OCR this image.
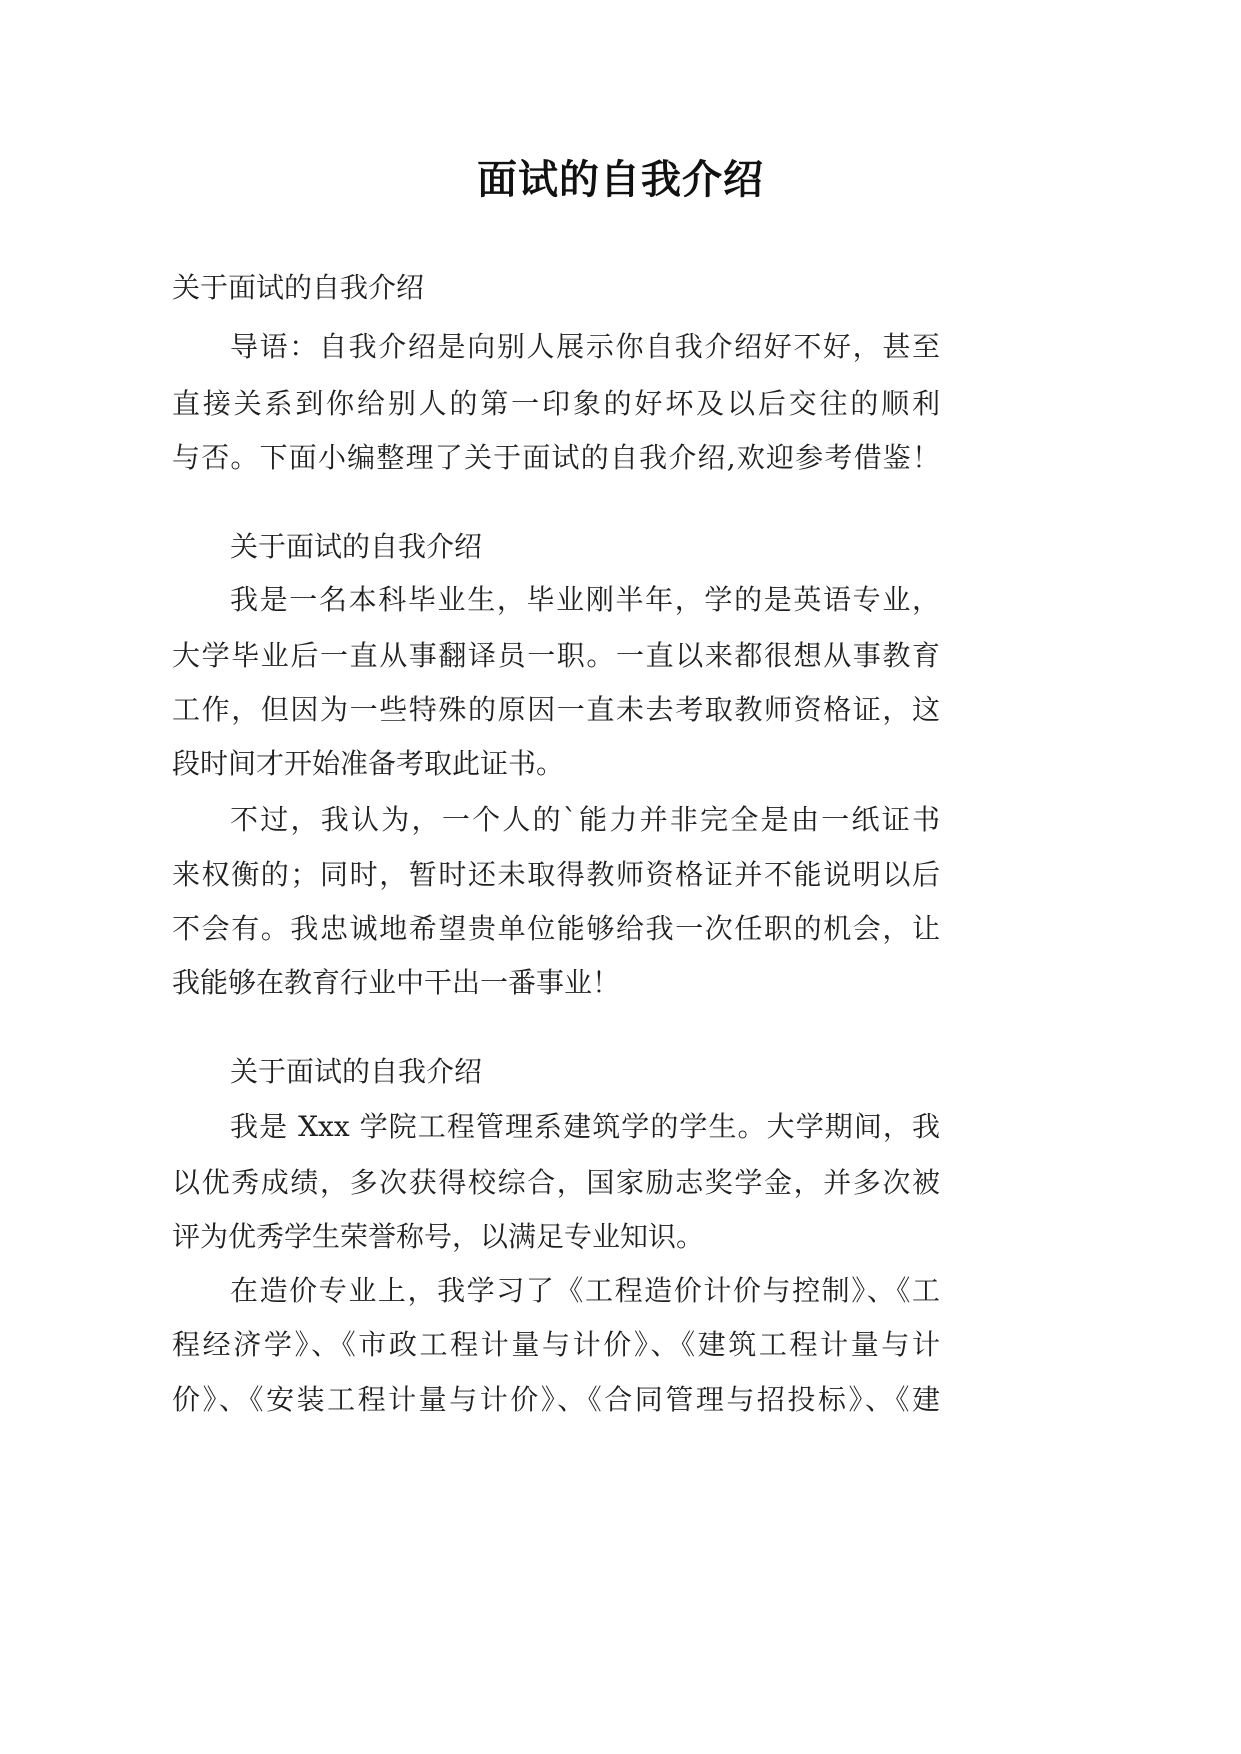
面试的自我介绍
关于面试的自我介绍
导语：自我介绍是向别人展示你自我介绍好不好，甚至
直接关系到你给别人的第一印象的好坏及以后交往的顺利
与否。下面小编整理了关于面试的自我介绍,欢迎参考借鉴！
关于面试的自我介绍
我是一名本科毕业生，毕业刚半年，学的是英语专业，
大学毕业后一直从事翻译员一职。一直以来都很想从事教育
工作，但因为一些特殊的原因一直未去考取教师资格证，这
段时间才开始准备考取此证书。
不过，我认为，一个人的`能力并非完全是由一纸证书
来权衡的；同时，暂时还未取得教师资格证并不能说明以后
不会有。我忠诚地希望贵单位能够给我一次任职的机会，让
我能够在教育行业中干出一番事业！
关于面试的自我介绍
我是 Xxx 学院工程管理系建筑学的学生。大学期间，我
以优秀成绩，多次获得校综合，国家励志奖学金，并多次被
评为优秀学生荣誉称号，以满足专业知识。
在造价专业上，我学习了《工程造价计价与控制》、《工
程经济学》、《市政工程计量与计价》、《建筑工程计量与计
价》、《安装工程计量与计价》、《合同管理与招投标》、《建
